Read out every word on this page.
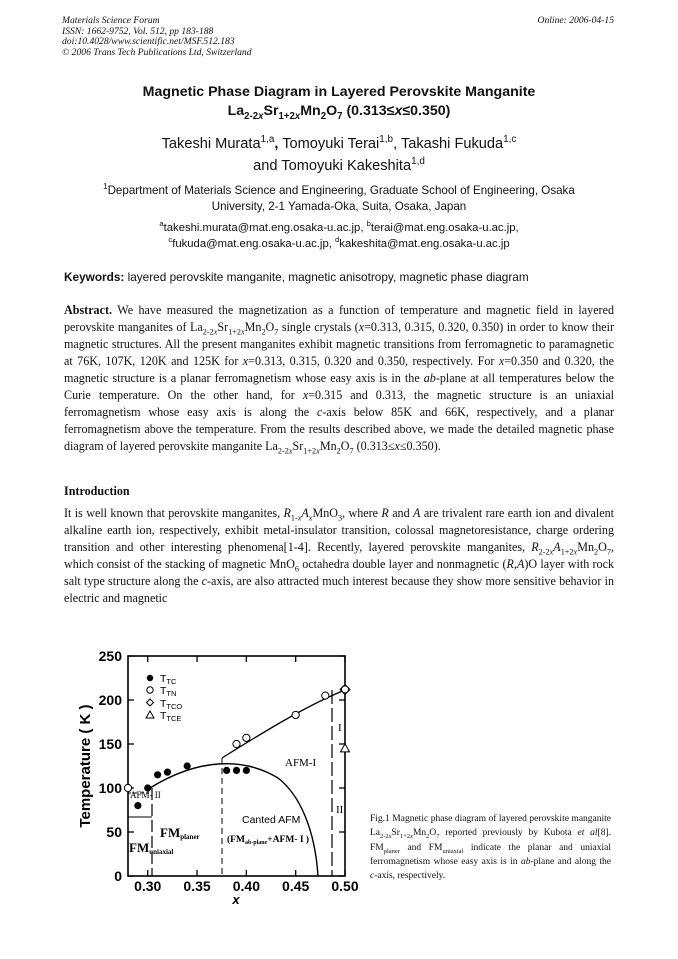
Materials Science Forum
ISSN: 1662-9752, Vol. 512, pp 183-188
doi:10.4028/www.scientific.net/MSF.512.183
© 2006 Trans Tech Publications Ltd, Switzerland
Online: 2006-04-15
Magnetic Phase Diagram in Layered Perovskite Manganite
$La_{2-2x}Sr_{1+2x}Mn_2O_7$ (0.313≤x≤0.350)
Takeshi Murata$^{1,a}$, Tomoyuki Terai$^{1,b}$, Takashi Fukuda$^{1,c}$
and Tomoyuki Kakeshita$^{1,d}$
$^1$Department of Materials Science and Engineering, Graduate School of Engineering, Osaka
University, 2-1 Yamada-Oka, Suita, Osaka, Japan
$^a$takeshi.murata@mat.eng.osaka-u.ac.jp, $^b$terai@mat.eng.osaka-u.ac.jp,
$^c$fukuda@mat.eng.osaka-u.ac.jp, $^d$kakeshita@mat.eng.osaka-u.ac.jp
Keywords: layered perovskite manganite, magnetic anisotropy, magnetic phase diagram
Abstract. We have measured the magnetization as a function of temperature and magnetic field in layered perovskite manganites of $La_{2-2x}Sr_{1+2x}Mn_2O_7$ single crystals (x=0.313, 0.315, 0.320, 0.350) in order to know their magnetic structures. All the present manganites exhibit magnetic transitions from ferromagnetic to paramagnetic at 76K, 107K, 120K and 125K for x=0.313, 0.315, 0.320 and 0.350, respectively. For x=0.350 and 0.320, the magnetic structure is a planar ferromagnetism whose easy axis is in the ab-plane at all temperatures below the Curie temperature. On the other hand, for x=0.315 and 0.313, the magnetic structure is an uniaxial ferromagnetism whose easy axis is along the c-axis below 85K and 66K, respectively, and a planar ferromagnetism above the temperature. From the results described above, we made the detailed magnetic phase diagram of layered perovskite manganite $La_{2-2x}Sr_{1+2x}Mn_2O_7$ (0.313≤x≤0.350).
Introduction
It is well known that perovskite manganites, $R_{1-x}A_xMnO_3$, where R and A are trivalent rare earth ion and divalent alkaline earth ion, respectively, exhibit metal-insulator transition, colossal magnetoresistance, charge ordering transition and other interesting phenomena[1-4]. Recently, layered perovskite manganites, $R_{2-2x}A_{1+2x}Mn_2O_7$, which consist of the stacking of magnetic MnO$_6$ octahedra double layer and nonmagnetic (R,A)O layer with rock salt type structure along the c-axis, are also attracted much interest because they show more sensitive behavior in electric and magnetic
0
50
100
150
200
250
0.30 0.35 0.40 0.45 0.50
Temperature ( K )
x
TTC
TTN
TTCO
TTCE
AFM-I
AFM- II
Canted AFM
($FM_{ab-plane}+AFM-$ I )
FMplaner
FMuniaxial
I
II
Fig.1 Magnetic phase diagram of layered perovskite manganite $La_{2-2x}Sr_{1+2x}Mn_2O_7$ reported previously by Kubota et al[8]. $FM_{planer}$ and $FM_{uniaxial}$ indicate the planar and uniaxial ferromagnetism whose easy axis is in ab-plane and along the c-axis, respectively.
